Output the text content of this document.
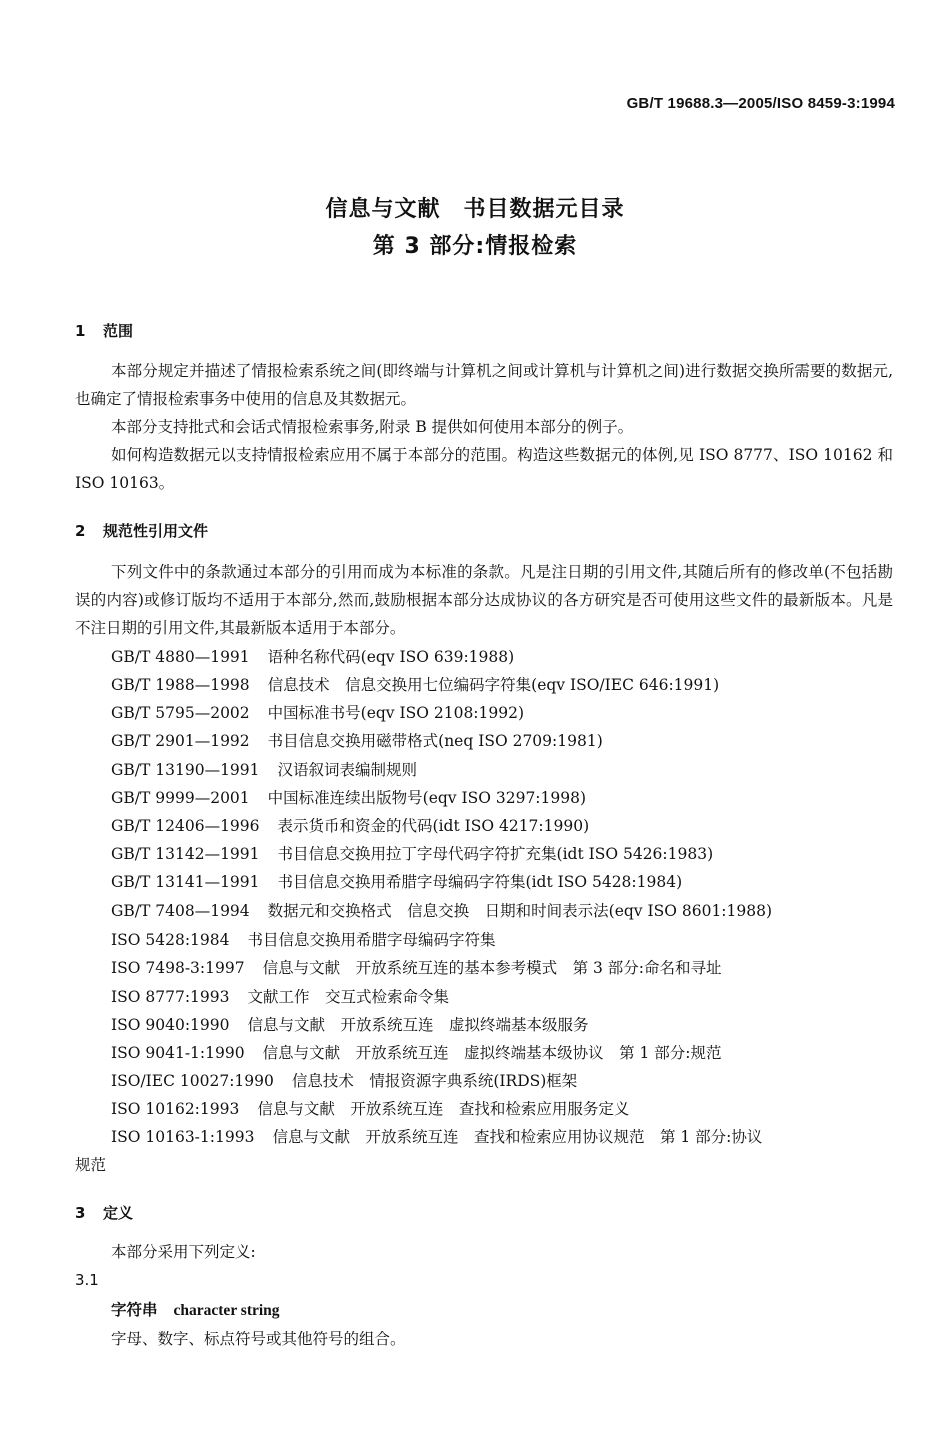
GB/T 19688.3—2005/ISO 8459-3:1994
信息与文献　书目数据元目录
第 3 部分:情报检索
1 范围
本部分规定并描述了情报检索系统之间(即终端与计算机之间或计算机与计算机之间)进行数据交换所需要的数据元,也确定了情报检索事务中使用的信息及其数据元。
本部分支持批式和会话式情报检索事务,附录 B 提供如何使用本部分的例子。
如何构造数据元以支持情报检索应用不属于本部分的范围。构造这些数据元的体例,见 ISO 8777、ISO 10162 和 ISO 10163。
2 规范性引用文件
下列文件中的条款通过本部分的引用而成为本标准的条款。凡是注日期的引用文件,其随后所有的修改单(不包括勘误的内容)或修订版均不适用于本部分,然而,鼓励根据本部分达成协议的各方研究是否可使用这些文件的最新版本。凡是不注日期的引用文件,其最新版本适用于本部分。
GB/T 4880—1991 语种名称代码(eqv ISO 639:1988)
GB/T 1988—1998 信息技术　信息交换用七位编码字符集(eqv ISO/IEC 646:1991)
GB/T 5795—2002 中国标准书号(eqv ISO 2108:1992)
GB/T 2901—1992 书目信息交换用磁带格式(neq ISO 2709:1981)
GB/T 13190—1991 汉语叙词表编制规则
GB/T 9999—2001 中国标准连续出版物号(eqv ISO 3297:1998)
GB/T 12406—1996 表示货币和资金的代码(idt ISO 4217:1990)
GB/T 13142—1991 书目信息交换用拉丁字母代码字符扩充集(idt ISO 5426:1983)
GB/T 13141—1991 书目信息交换用希腊字母编码字符集(idt ISO 5428:1984)
GB/T 7408—1994 数据元和交换格式　信息交换　日期和时间表示法(eqv ISO 8601:1988)
ISO 5428:1984 书目信息交换用希腊字母编码字符集
ISO 7498-3:1997 信息与文献　开放系统互连的基本参考模式　第 3 部分:命名和寻址
ISO 8777:1993 文献工作　交互式检索命令集
ISO 9040:1990 信息与文献　开放系统互连　虚拟终端基本级服务
ISO 9041-1:1990 信息与文献　开放系统互连　虚拟终端基本级协议　第 1 部分:规范
ISO/IEC 10027:1990 信息技术　情报资源字典系统(IRDS)框架
ISO 10162:1993 信息与文献　开放系统互连　查找和检索应用服务定义
ISO 10163-1:1993 信息与文献　开放系统互连　查找和检索应用协议规范　第 1 部分:协议
规范
3 定义
本部分采用下列定义:
3.1
字符串 character string
字母、数字、标点符号或其他符号的组合。
